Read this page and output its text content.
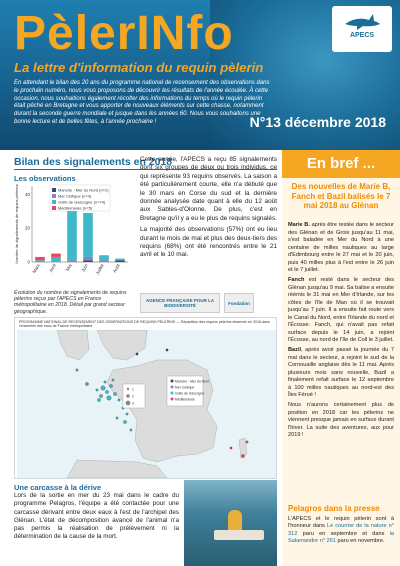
PèlerINfo
La lettre d'information du requin pèlerin
APECS
En attendant le bilan des 20 ans du programme national de recensement des observations dans le prochain numéro, nous vous proposons de découvrir les résultats de l'année écoulée. À cette occasion, nous souhaitions également récolter des informations du temps où le requin pèlerin était pêché en Bretagne et vous apporter de nouveaux éléments sur cette chasse, notamment durant la seconde guerre mondiale et jusque dans les années 60. Nous vous souhaitons une bonne lecture et de belles fêtes, à l'année prochaine !	N°13 décembre 2018
Bilan des signalements en 2018
Les observations
Nombre de signalements de requins pèlerins 0
20
40
Mars Avril Mai Juin Juillet Août
Manche - Mer du Nord (n=2)
Mer Celtique (n=4)
Golfe de Gascogne (n=74)
Méditerranée (n=5)
Évolution du nombre de signalements de requins pèlerins reçus par l'APECS en France métropolitaine en 2018. Détail par grand secteur géographique.

Cette année, l'APECS a reçu 85 signalements dont six groupes de deux ou trois individus, ce qui représente 93 requins observés. La saison a été particulièrement courte, elle n'a débuté que le 30 mars en Corse du sud et la dernière donnée analysée date quant à elle du 12 août aux Sables-d'Olonne. De plus, c'est en Bretagne qu'il y a eu le plus de requins signalés.

La majorité des observations (57%) ont eu lieu durant le mois de mai et plus des deux-tiers des requins (68%) ont été rencontrés entre le 21 avril et le 10 mai.

AGENCE FRANÇAISE POUR LA BIODIVERSITÉ	Fondation
PROGRAMME NATIONAL DE RECENSEMENT DES OBSERVATIONS DE REQUINS PÈLERINS — Répartition des requins pèlerins observés en 2018 dans l'ensemble des eaux de France métropolitaine
Manche - Mer du Nord
Mer Celtique
Golfe de Gascogne
Méditerranée
1
2
3
Une carcasse à la dérive
Lors de la sortie en mer du 23 mai dans le cadre du programme Pelagros, l'équipe a été contactée pour une carcasse dérivant entre deux eaux à l'est de l'archipel des Glénan. L'état de décomposition avancé de l'animal n'a pas permis la réalisation de prélèvement ni la détermination de la cause de la mort.
En bref ...
Des nouvelles de Marie B, Fanch et Bazil balisés le 7 mai 2018 au Glénan

Marie B. après être restée dans le secteur des Glénan et de Groix jusqu'au 11 mai, s'est baladée en Mer du Nord à une centaine de milles nautiques au large d'Edimbourg entre le 27 mai et le 20 juin, puis 40 milles plus à l'est entre le 26 juin et le 7 juillet.

Fanch est resté dans le secteur des Glénan jusqu'au 9 mai. Sa balise a ensuite réémis le 31 mai en Mer d'Irlande, sur les côtes de l'île de Man où il se trouvait jusqu'au 7 juin. Il a ensuite fait route vers le Canal du Nord, entre l'Irlande du nord et l'Écosse. Fanch, qui n'avait pas refait surface depuis le 14 juin, a rejoint l'Écosse, au nord de l'île de Coll le 3 juillet.

Bazil, après avoir passé la journée du 7 mai dans le secteur, a rejoint le sud de la Cornouaille anglaise dès le 11 mai. Après plusieurs mois sans nouvelle, Bazil a finalement refait surface le 12 septembre à 100 milles nautiques au nord-est des Îles Féroé !

Nous n'aurons certainement plus de position en 2018 car les pèlerins ne viennent presque jamais en surface durant l'hiver. La suite des aventures, aux pour 2019 !

Pelagros dans la presse
L'APECS et le requin pèlerin sont à l'honneur dans Le courrier de la nature n° 312 paru en septembre et dans la Salamandre n° 261 paru en novembre.
